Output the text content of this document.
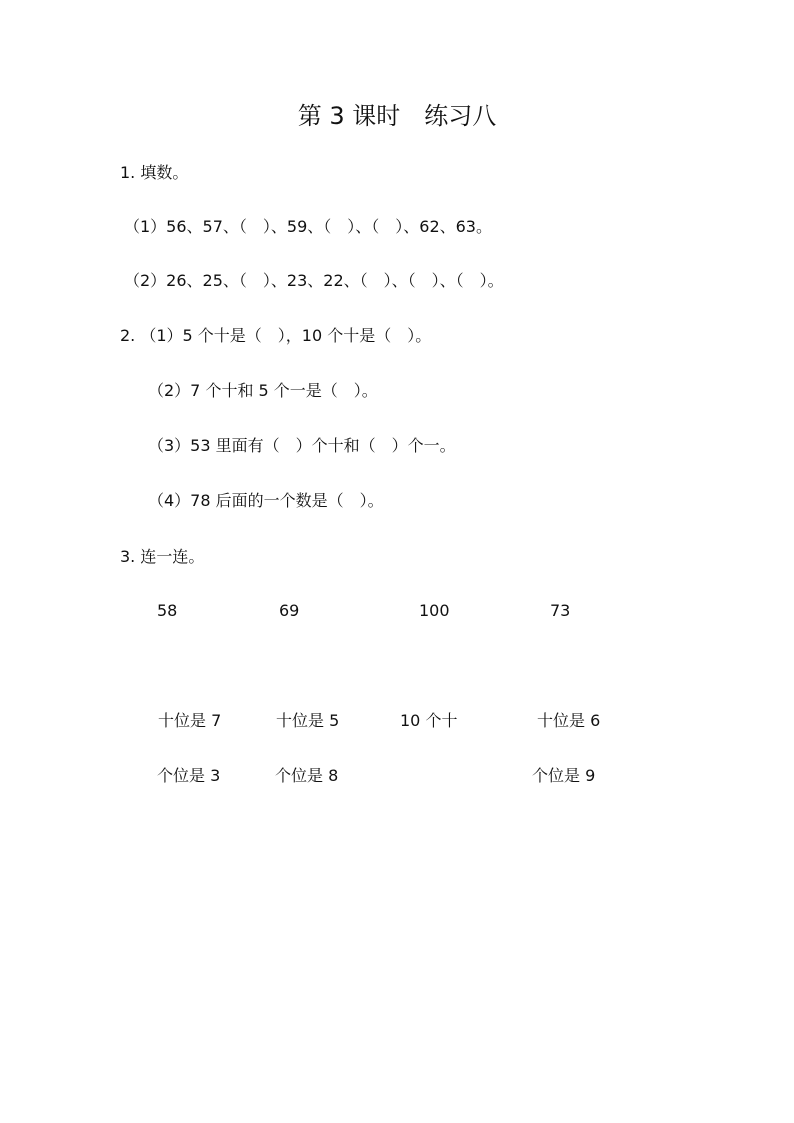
第 3 课时　练习八
1. 填数。
（1）56、57、（　）、59、（　）、（　）、62、63。
（2）26、25、（　）、23、22、（　）、（　）、（　）。
2. （1）5 个十是（　），10 个十是（　）。
（2）7 个十和 5 个一是（　）。
（3）53 里面有（　）个十和（　）个一。
（4）78 后面的一个数是（　）。
3. 连一连。
58	69	100	73
十位是 7	十位是 5	10 个十	十位是 6
个位是 3	个位是 8	个位是 9
